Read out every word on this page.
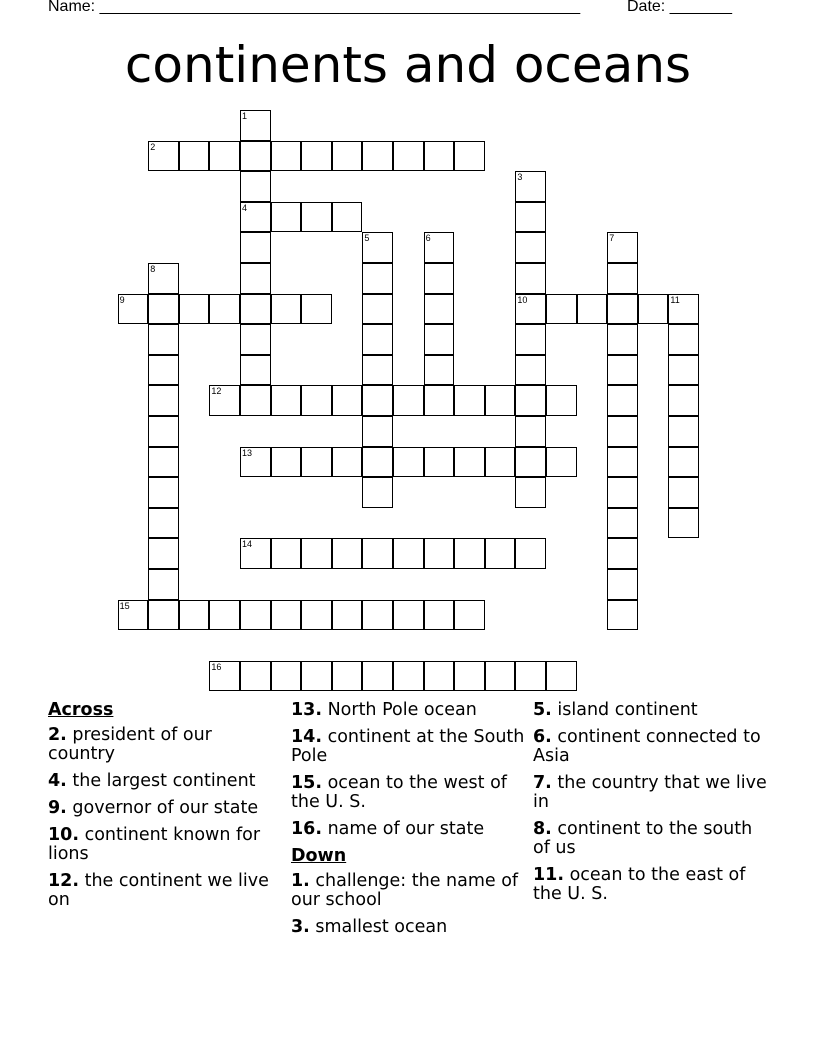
Name: ______________________________________________________	Date: _______
continents and oceans
1
4
2
3
10
5	6	7
8
9	11
12
13
14
15
16
Across
2. president of our country
4. the largest continent
9. governor of our state
10. continent known for lions
12. the continent we live on
13. North Pole ocean
14. continent at the South Pole
15. ocean to the west of the U. S.
16. name of our state
Down
1. challenge: the name of our school
3. smallest ocean
5. island continent
6. continent connected to Asia
7. the country that we live in
8. continent to the south of us
11. ocean to the east of the U. S.
